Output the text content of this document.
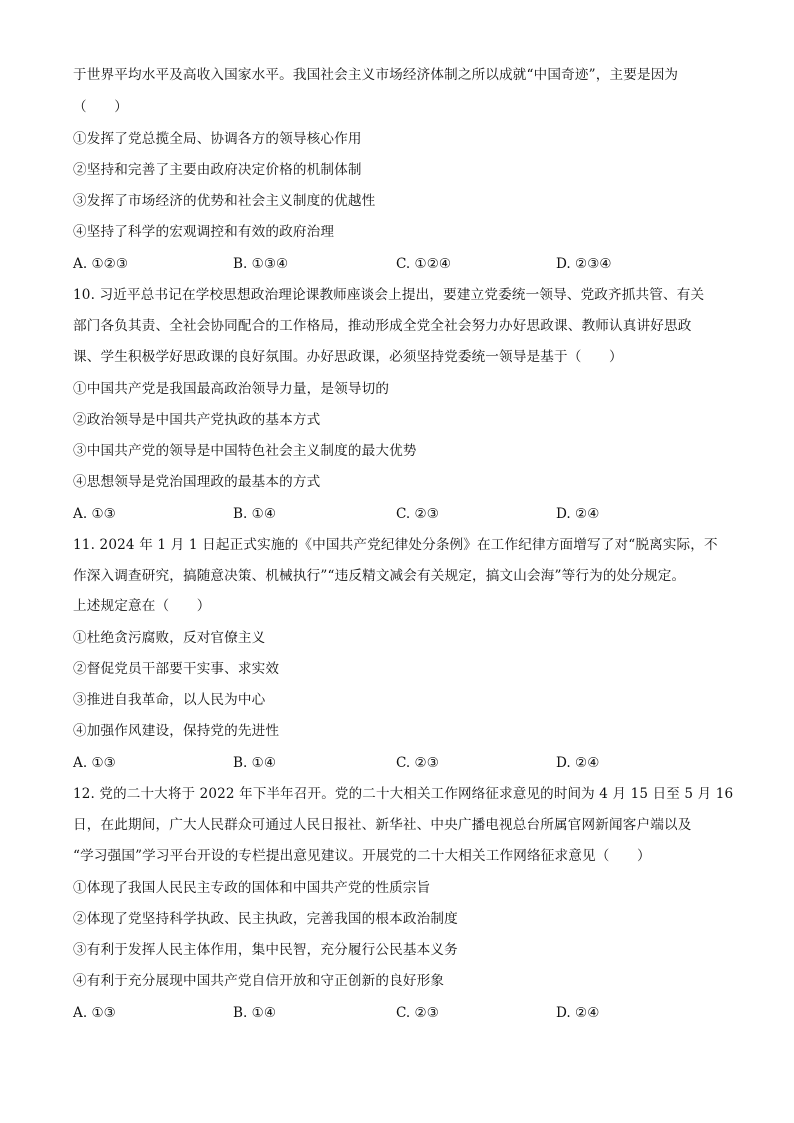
于世界平均水平及高收入国家水平。我国社会主义市场经济体制之所以成就“中国奇迹”，主要是因为
（　　）
①发挥了党总揽全局、协调各方的领导核心作用
②坚持和完善了主要由政府决定价格的机制体制
③发挥了市场经济的优势和社会主义制度的优越性
④坚持了科学的宏观调控和有效的政府治理
A. ①②③	B. ①③④	C. ①②④	D. ②③④
10. 习近平总书记在学校思想政治理论课教师座谈会上提出，要建立党委统一领导、党政齐抓共管、有关
部门各负其责、全社会协同配合的工作格局，推动形成全党全社会努力办好思政课、教师认真讲好思政
课、学生积极学好思政课的良好氛围。办好思政课，必须坚持党委统一领导是基于（　　）
①中国共产党是我国最高政治领导力量，是领导切的
②政治领导是中国共产党执政的基本方式
③中国共产党的领导是中国特色社会主义制度的最大优势
④思想领导是党治国理政的最基本的方式
A. ①③	B. ①④	C. ②③	D. ②④
11. 2024 年 1 月 1 日起正式实施的《中国共产党纪律处分条例》在工作纪律方面增写了对“脱离实际，不
作深入调查研究，搞随意决策、机械执行”“违反精文减会有关规定，搞文山会海”等行为的处分规定。
上述规定意在（　　）
①杜绝贪污腐败，反对官僚主义
②督促党员干部要干实事、求实效
③推进自我革命，以人民为中心
④加强作风建设，保持党的先进性
A. ①③	B. ①④	C. ②③	D. ②④
12. 党的二十大将于 2022 年下半年召开。党的二十大相关工作网络征求意见的时间为 4 月 15 日至 5 月 16
日，在此期间，广大人民群众可通过人民日报社、新华社、中央广播电视总台所属官网新闻客户端以及
“学习强国”学习平台开设的专栏提出意见建议。开展党的二十大相关工作网络征求意见（　　）
①体现了我国人民民主专政的国体和中国共产党的性质宗旨
②体现了党坚持科学执政、民主执政，完善我国的根本政治制度
③有利于发挥人民主体作用，集中民智，充分履行公民基本义务
④有利于充分展现中国共产党自信开放和守正创新的良好形象
A. ①③	B. ①④	C. ②③	D. ②④
